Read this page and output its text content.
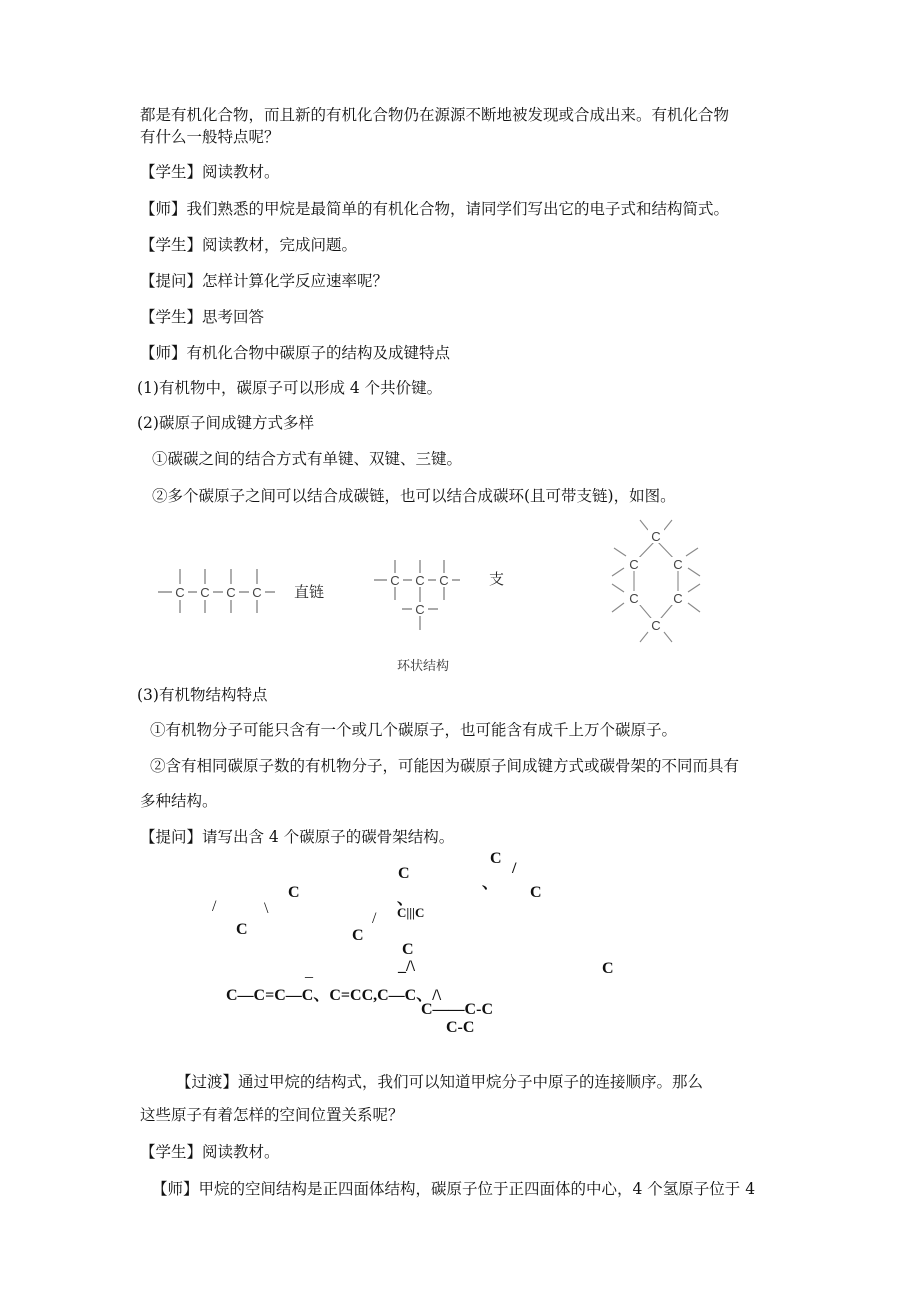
都是有机化合物，而且新的有机化合物仍在源源不断地被发现或合成出来。有机化合物
有什么一般特点呢？
【学生】阅读教材。
【师】我们熟悉的甲烷是最简单的有机化合物，请同学们写出它的电子式和结构简式。
【学生】阅读教材，完成问题。
【提问】怎样计算化学反应速率呢？
【学生】思考回答
【师】有机化合物中碳原子的结构及成键特点
(1)有机物中，碳原子可以形成 4 个共价键。
(2)碳原子间成键方式多样
①碳碳之间的结合方式有单键、双键、三键。
②多个碳原子之间可以结合成碳链，也可以结合成碳环(且可带支链)，如图。
C C C C
C C C
C
C
C	C
C	C
C
直链
支
环状结构
(3)有机物结构特点
①有机物分子可能只含有一个或几个碳原子，也可能含有成千上万个碳原子。
②含有相同碳原子数的有机物分子，可能因为碳原子间成键方式或碳骨架的不同而具有
多种结构。
【提问】请写出含 4 个碳原子的碳骨架结构。
C
/
、
C
C
、
C|||C
C
/	\
/
C	C
C
C
_	_/\
C—C=C—C、C=CC,C—C、/\
C——C-C
C-C
【过渡】通过甲烷的结构式，我们可以知道甲烷分子中原子的连接顺序。那么
这些原子有着怎样的空间位置关系呢？
【学生】阅读教材。
【师】甲烷的空间结构是正四面体结构，碳原子位于正四面体的中心，4 个氢原子位于 4
